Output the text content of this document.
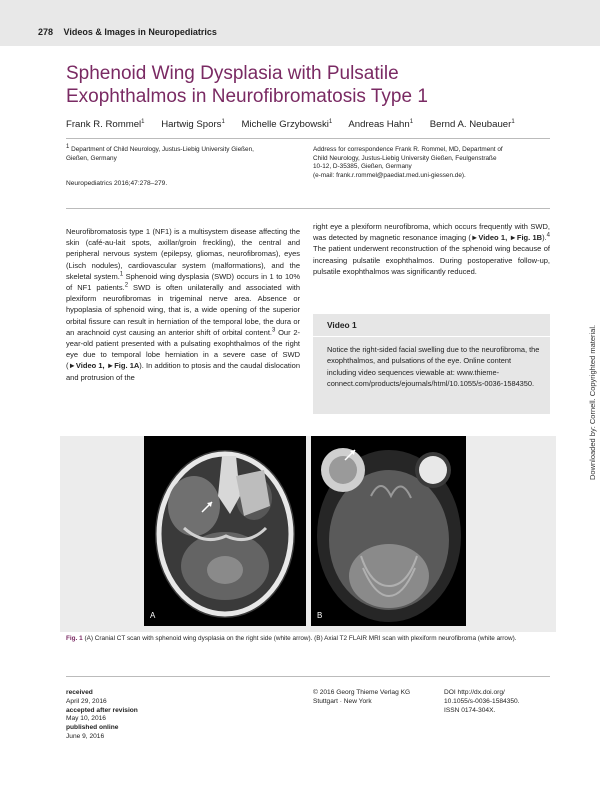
278 Videos & Images in Neuropediatrics
Sphenoid Wing Dysplasia with Pulsatile
Exophthalmos in Neurofibromatosis Type 1
Frank R. Rommel$^1$ Hartwig Spors$^1$ Michelle Grzybowski$^1$ Andreas Hahn$^1$ Bernd A. Neubauer$^1$
$^1$ Department of Child Neurology, Justus-Liebig University Gießen, Gießen, Germany
Neuropediatrics 2016;47:278–279.
Address for correspondence Frank R. Rommel, MD, Department of
Child Neurology, Justus-Liebig University Gießen, Feulgenstraße
10-12, D-35385, Gießen, Germany
(e-mail: frank.r.rommel@paediat.med.uni-giessen.de).
Neurofibromatosis type 1 (NF1) is a multisystem disease affecting the skin (café-au-lait spots, axillar/groin freckling), the central and peripheral nervous system (epilepsy, gliomas, neurofibromas), eyes (Lisch nodules), cardiovascular system (malformations), and the skeletal system.$^1$ Sphenoid wing dysplasia (SWD) occurs in 1 to 10% of NF1 patients.$^2$ SWD is often unilaterally and associated with plexiform neurofibromas in trigeminal nerve area. Absence or hypoplasia of sphenoid wing, that is, a wide opening of the superior orbital fissure can result in herniation of the temporal lobe, the dura or an arachnoid cyst causing an anterior shift of orbital content.$^3$ Our 2-year-old patient presented with a pulsating exophthalmos of the right eye due to temporal lobe herniation in a severe case of SWD (►Video 1, ►Fig. 1A). In addition to ptosis and the caudal dislocation and protrusion of the
right eye a plexiform neurofibroma, which occurs frequently with SWD, was detected by magnetic resonance imaging (►Video 1, ►Fig. 1B).$^4$ The patient underwent reconstruction of the sphenoid wing because of increasing pulsatile exophthalmos. During postoperative follow-up, pulsatile exophthalmos was significantly reduced.
Video 1
Notice the right-sided facial swelling due to the neurofibroma, the exophthalmos, and pulsations of the eye. Online content including video sequences viewable at: www.thieme-connect.com/products/ejournals/html/10.1055/s-0036-1584350.	Downloaded by: Cornell. Copyrighted material.
A	B
Fig. 1 (A) Cranial CT scan with sphenoid wing dysplasia on the right side (white arrow). (B) Axial T2 FLAIR MRI scan with plexiform neurofibroma (white arrow).
received
April 29, 2016
accepted after revision
May 10, 2016
published online
June 9, 2016
© 2016 Georg Thieme Verlag KG
Stuttgart · New York
DOI http://dx.doi.org/
10.1055/s-0036-1584350.
ISSN 0174-304X.
